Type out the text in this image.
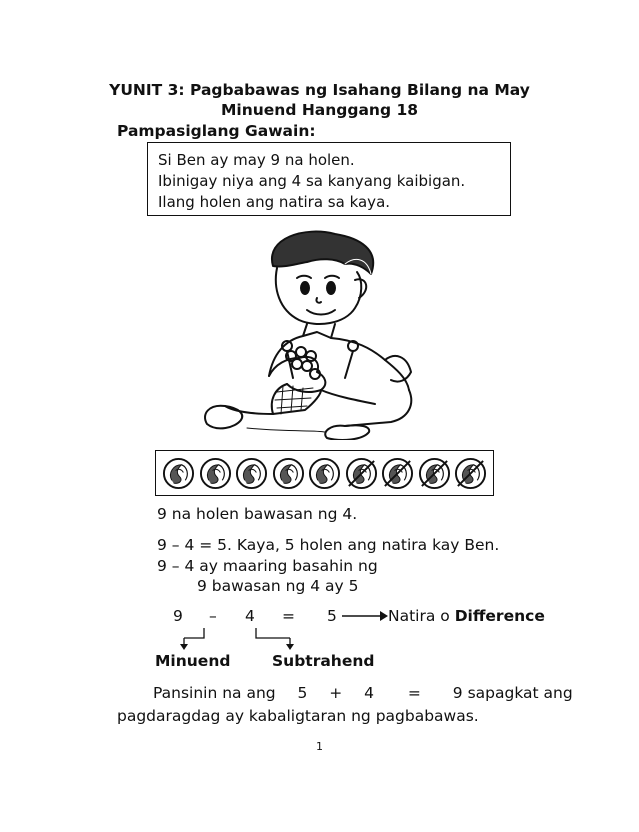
YUNIT 3: Pagbabawas ng Isahang Bilang na May
Minuend Hanggang 18
Pampasiglang Gawain:
Si Ben ay may 9 na holen.
Ibinigay niya ang 4 sa kanyang kaibigan.
Ilang holen ang natira sa kaya.
9 na holen bawasan ng 4.
9 – 4 = 5. Kaya, 5 holen ang natira kay Ben.
9 – 4 ay maaring basahin ng
9 bawasan ng 4 ay 5
9 – 4 = 5	Natira o Difference
Minuend	Subtrahend
Pansinin na ang 5 + 4 = 9 sapagkat ang
pagdaragdag ay kabaligtaran ng pagbabawas.
1
